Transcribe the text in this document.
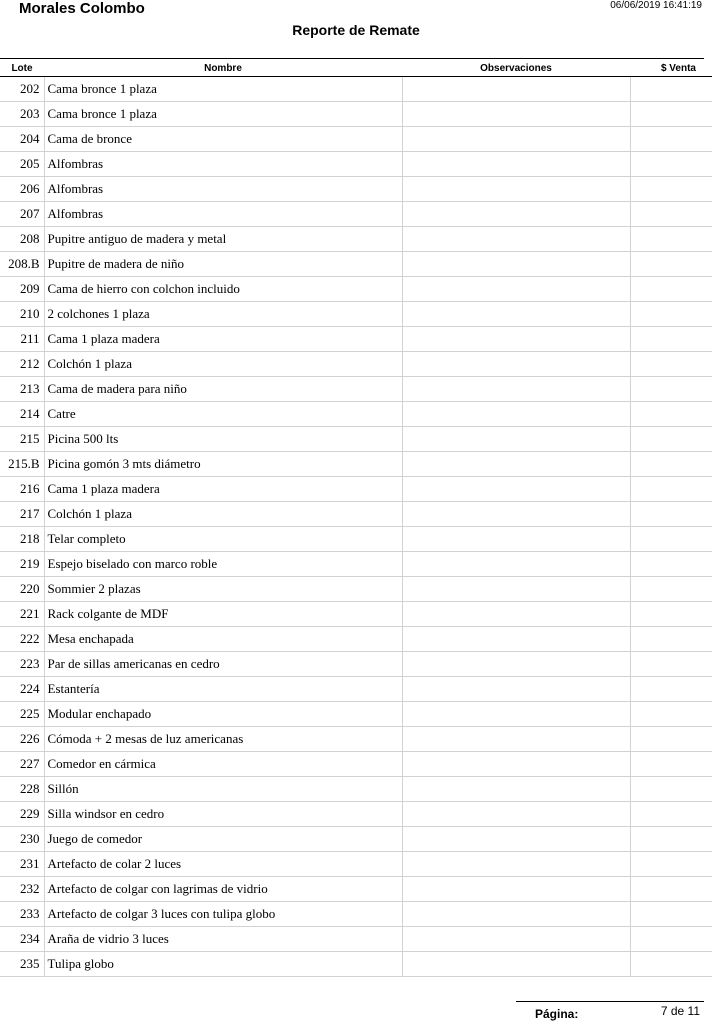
Morales Colombo	06/06/2019 16:41:19
Reporte de Remate
Lote	Nombre	Observaciones	$ Venta
202	Cama bronce 1 plaza		
203	Cama bronce 1 plaza		
204	Cama de bronce		
205	Alfombras		
206	Alfombras		
207	Alfombras		
208	Pupitre antiguo de madera y metal		
208.B	Pupitre de madera de niño		
209	Cama de hierro con colchon incluido		
210	2 colchones 1 plaza		
211	Cama 1 plaza madera		
212	Colchón 1 plaza		
213	Cama de madera para niño		
214	Catre		
215	Picina 500 lts		
215.B	Picina gomón 3 mts diámetro		
216	Cama 1 plaza madera		
217	Colchón 1 plaza		
218	Telar completo		
219	Espejo biselado con marco roble		
220	Sommier 2 plazas		
221	Rack colgante de MDF		
222	Mesa enchapada		
223	Par de sillas americanas en cedro		
224	Estantería		
225	Modular enchapado		
226	Cómoda + 2 mesas de luz americanas		
227	Comedor en cármica		
228	Sillón		
229	Silla windsor en cedro		
230	Juego de comedor		
231	Artefacto de colar 2 luces		
232	Artefacto de colgar con lagrimas de vidrio		
233	Artefacto de colgar 3 luces con tulipa globo		
234	Araña de vidrio 3 luces		
235	Tulipa globo		
Página:	7 de 11
